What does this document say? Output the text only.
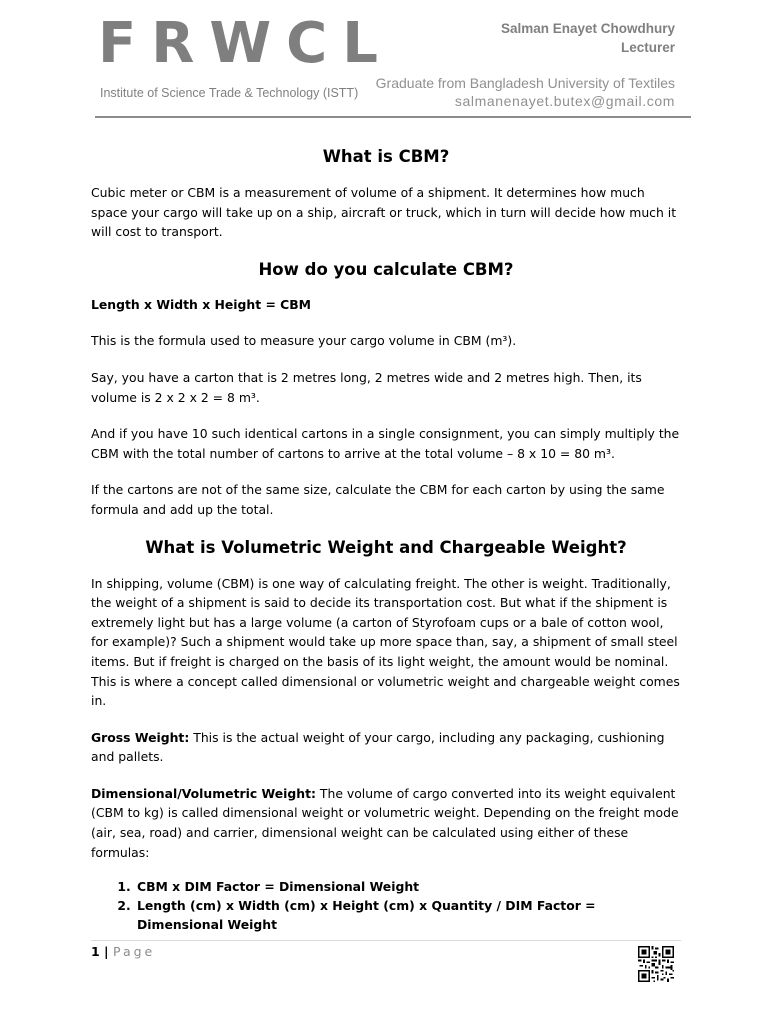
FRWCL
Institute of Science Trade & Technology (ISTT)
Salman Enayet Chowdhury
Lecturer
Graduate from Bangladesh University of Textiles
salmanenayet.butex@gmail.com
What is CBM?

Cubic meter or CBM is a measurement of volume of a shipment. It determines how much space your cargo will take up on a ship, aircraft or truck, which in turn will decide how much it will cost to transport.

How do you calculate CBM?

Length x Width x Height = CBM

This is the formula used to measure your cargo volume in CBM (m³).

Say, you have a carton that is 2 metres long, 2 metres wide and 2 metres high. Then, its volume is 2 x 2 x 2 = 8 m³.

And if you have 10 such identical cartons in a single consignment, you can simply multiply the CBM with the total number of cartons to arrive at the total volume – 8 x 10 = 80 m³.

If the cartons are not of the same size, calculate the CBM for each carton by using the same formula and add up the total.

What is Volumetric Weight and Chargeable Weight?

In shipping, volume (CBM) is one way of calculating freight. The other is weight. Traditionally, the weight of a shipment is said to decide its transportation cost. But what if the shipment is extremely light but has a large volume (a carton of Styrofoam cups or a bale of cotton wool, for example)? Such a shipment would take up more space than, say, a shipment of small steel items. But if freight is charged on the basis of its light weight, the amount would be nominal. This is where a concept called dimensional or volumetric weight and chargeable weight comes in.

Gross Weight: This is the actual weight of your cargo, including any packaging, cushioning and pallets.

Dimensional/Volumetric Weight: The volume of cargo converted into its weight equivalent (CBM to kg) is called dimensional weight or volumetric weight. Depending on the freight mode (air, sea, road) and carrier, dimensional weight can be calculated using either of these formulas:

1. CBM x DIM Factor = Dimensional Weight
2. Length (cm) x Width (cm) x Height (cm) x Quantity / DIM Factor = Dimensional Weight
1 | Page
